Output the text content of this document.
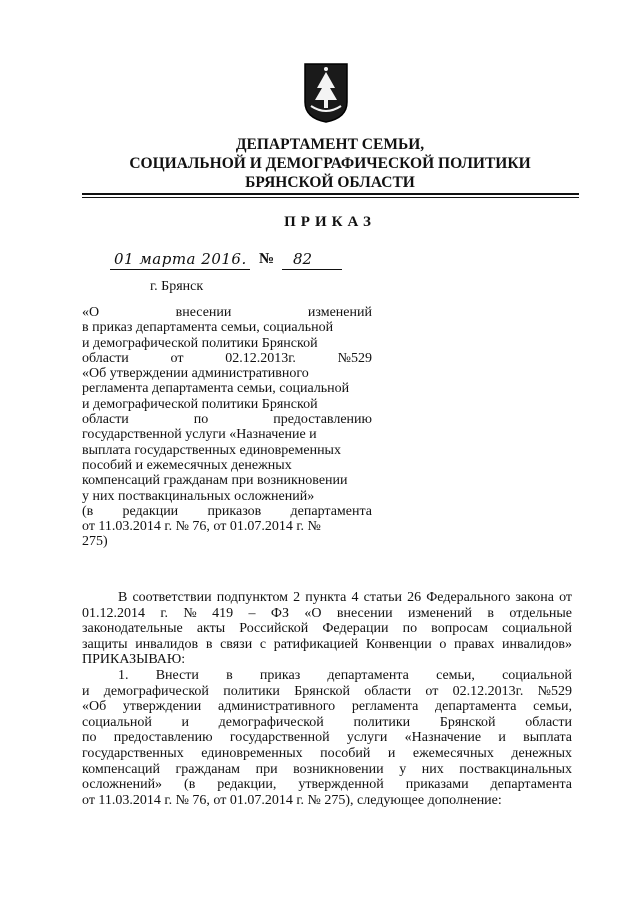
ДЕПАРТАМЕНТ СЕМЬИ,
СОЦИАЛЬНОЙ И ДЕМОГРАФИЧЕСКОЙ ПОЛИТИКИ
БРЯНСКОЙ ОБЛАСТИ
ПРИКАЗ
01 марта 2016. № 82
г. Брянск
«О	внесении	изменений
в приказ департамента семьи, социальной
и демографической политики Брянской
области	от	02.12.2013г.	№529
«Об утверждении административного
регламента департамента семьи, социальной
и демографической политики Брянской
области	по	предоставлению
государственной услуги «Назначение и
выплата государственных единовременных
пособий и ежемесячных денежных
компенсаций гражданам при возникновении
у них поствакцинальных осложнений»
(в редакции приказов департамента
от 11.03.2014 г. № 76, от 01.07.2014 г. №
275)
В соответствии подпунктом 2 пункта 4 статьи 26 Федерального закона от
01.12.2014 г. № 419 – ФЗ «О внесении изменений в отдельные
законодательные акты Российской Федерации по вопросам социальной
защиты инвалидов в связи с ратификацией Конвенции о правах инвалидов»
ПРИКАЗЫВАЮ:
1. Внести в приказ департамента семьи, социальной
и демографической политики Брянской области от 02.12.2013г. №529
«Об утверждении административного регламента департамента семьи,
социальной и демографической политики Брянской области
по предоставлению государственной услуги «Назначение и выплата
государственных единовременных пособий и ежемесячных денежных
компенсаций гражданам при возникновении у них поствакцинальных
осложнений» (в редакции, утвержденной приказами департамента
от 11.03.2014 г. № 76, от 01.07.2014 г. № 275), следующее дополнение:
